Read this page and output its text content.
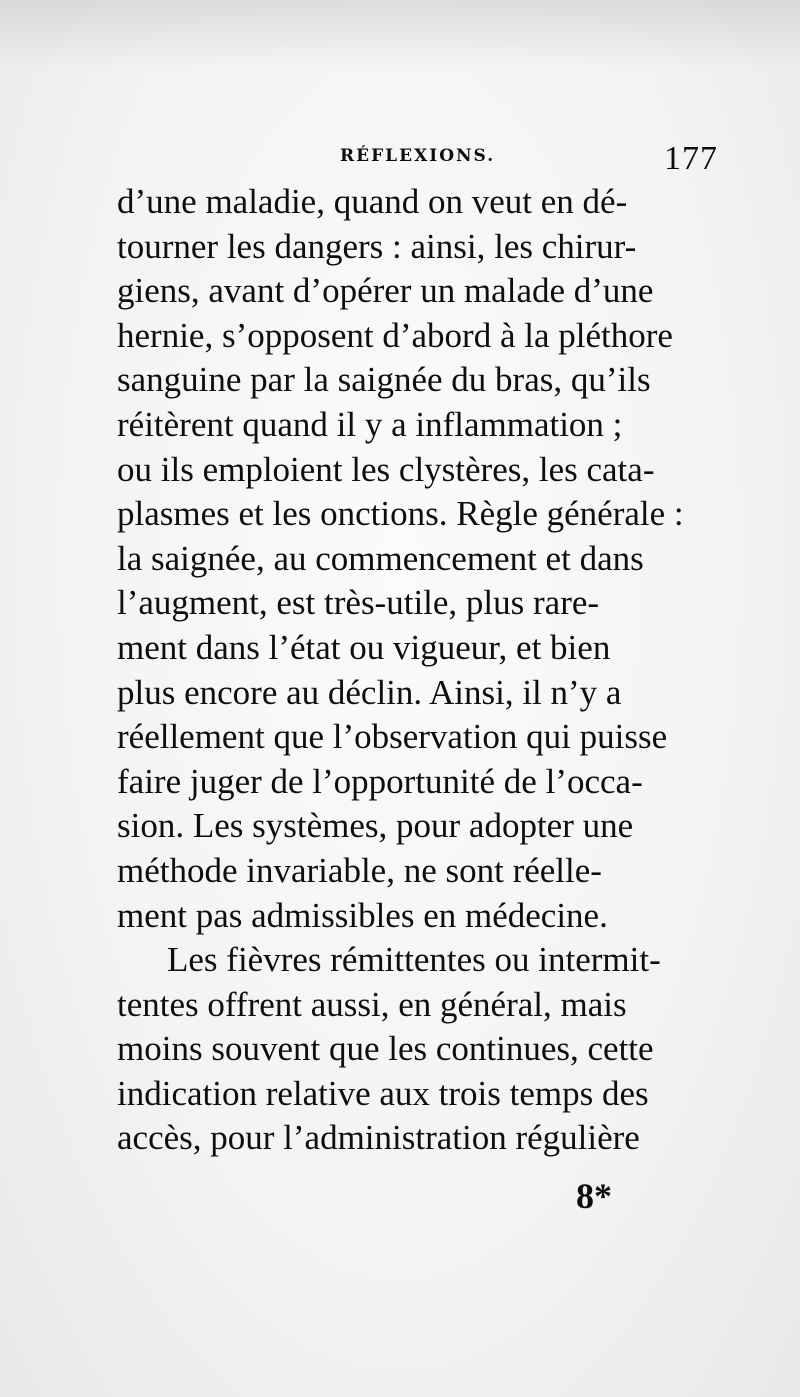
RÉFLEXIONS.	177
d’une maladie, quand on veut en dé-
tourner les dangers : ainsi, les chirur-
giens, avant d’opérer un malade d’une
hernie, s’opposent d’abord à la pléthore
sanguine par la saignée du bras, qu’ils
réitèrent quand il y a inflammation ;
ou ils emploient les clystères, les cata-
plasmes et les onctions. Règle générale :
la saignée, au commencement et dans
l’augment, est très-utile, plus rare-
ment dans l’état ou vigueur, et bien
plus encore au déclin. Ainsi, il n’y a
réellement que l’observation qui puisse
faire juger de l’opportunité de l’occa-
sion. Les systèmes, pour adopter une
méthode invariable, ne sont réelle-
ment pas admissibles en médecine.
Les fièvres rémittentes ou intermit-
tentes offrent aussi, en général, mais
moins souvent que les continues, cette
indication relative aux trois temps des
accès, pour l’administration régulière
8*
